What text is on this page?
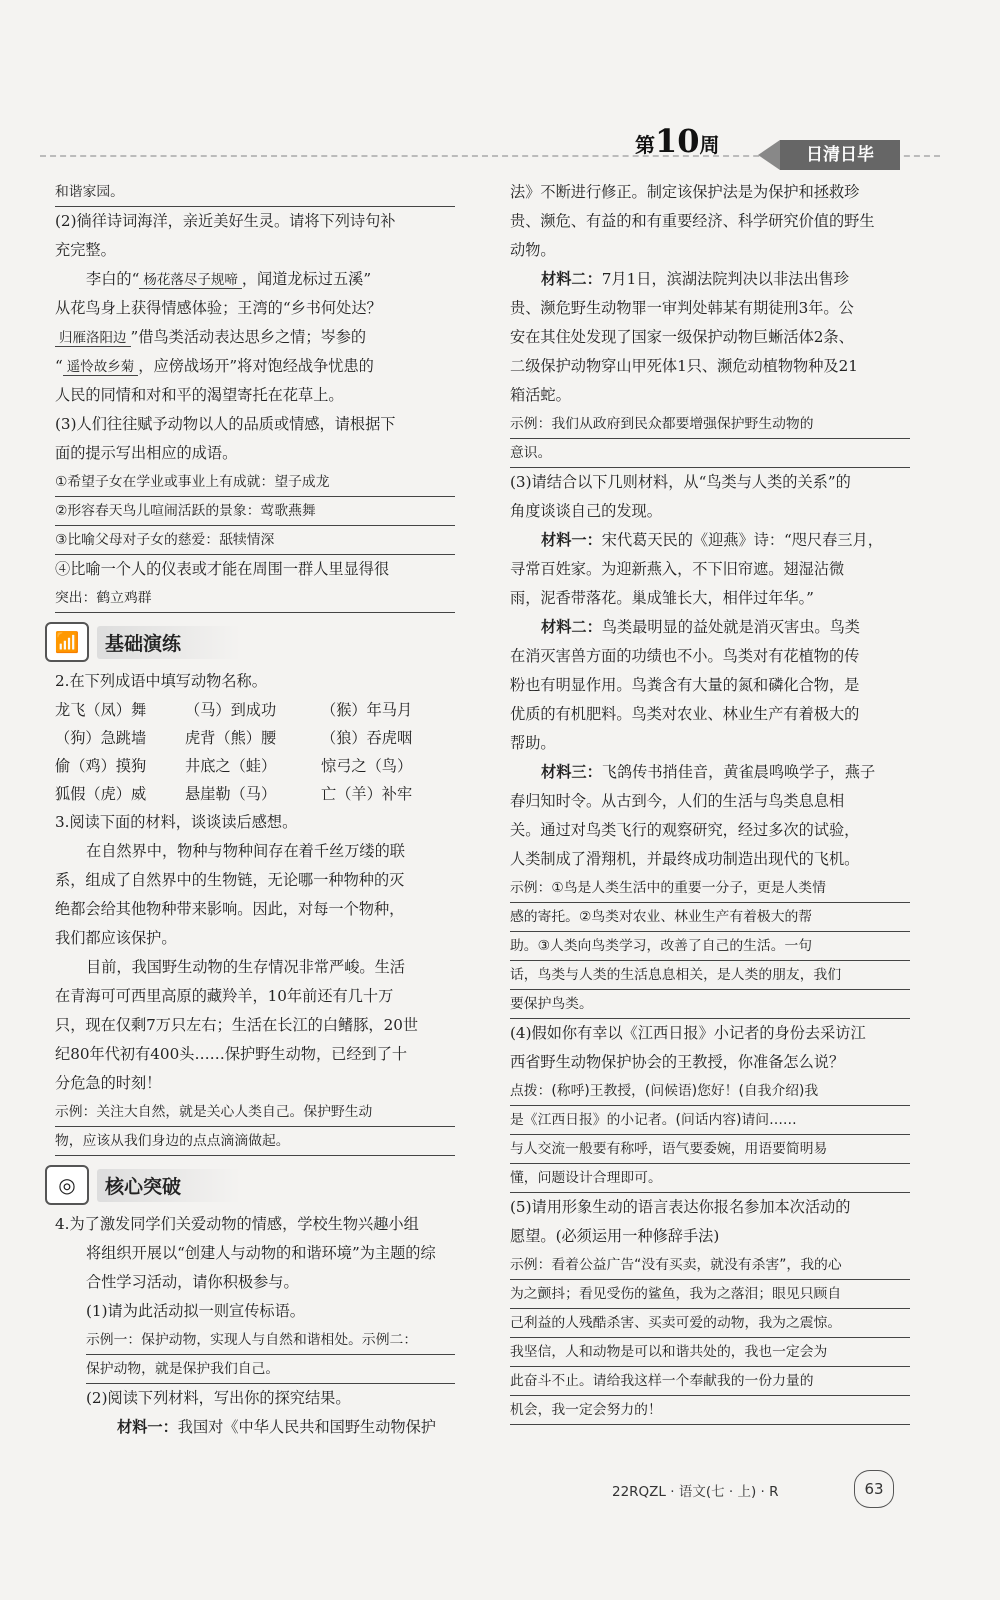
第10周	日清日毕
和谐家园。
(2)徜徉诗词海洋，亲近美好生灵。请将下列诗句补
充完整。
李白的“ 杨花落尽子规啼 ，闻道龙标过五溪”
从花鸟身上获得情感体验；王湾的“乡书何处达？
归雁洛阳边 ”借鸟类活动表达思乡之情；岑参的
“ 遥怜故乡菊 ，应傍战场开”将对饱经战争忧患的
人民的同情和对和平的渴望寄托在花草上。
(3)人们往往赋予动物以人的品质或情感，请根据下
面的提示写出相应的成语。
①希望子女在学业或事业上有成就：望子成龙
②形容春天鸟儿喧闹活跃的景象：莺歌燕舞
③比喻父母对子女的慈爱：舐犊情深
④比喻一个人的仪表或才能在周围一群人里显得很
突出：鹤立鸡群
📶	基础演练
2.在下列成语中填写动物名称。
龙飞（凤）舞	（马）到成功	（猴）年马月
（狗）急跳墙	虎背（熊）腰	（狼）吞虎咽
偷（鸡）摸狗	井底之（蛙）	惊弓之（鸟）
狐假（虎）威	悬崖勒（马）	亡（羊）补牢
3.阅读下面的材料，谈谈读后感想。
在自然界中，物种与物种间存在着千丝万缕的联
系，组成了自然界中的生物链，无论哪一种物种的灭
绝都会给其他物种带来影响。因此，对每一个物种，
我们都应该保护。
目前，我国野生动物的生存情况非常严峻。生活
在青海可可西里高原的藏羚羊，10年前还有几十万
只，现在仅剩7万只左右；生活在长江的白鳍豚，20世
纪80年代初有400头……保护野生动物，已经到了十
分危急的时刻！
示例：关注大自然，就是关心人类自己。保护野生动
物，应该从我们身边的点点滴滴做起。
◎	核心突破
4.为了激发同学们关爱动物的情感，学校生物兴趣小组
将组织开展以“创建人与动物的和谐环境”为主题的综
合性学习活动，请你积极参与。
(1)请为此活动拟一则宣传标语。
示例一：保护动物，实现人与自然和谐相处。示例二：
保护动物，就是保护我们自己。
(2)阅读下列材料，写出你的探究结果。
材料一：我国对《中华人民共和国野生动物保护
法》不断进行修正。制定该保护法是为保护和拯救珍
贵、濒危、有益的和有重要经济、科学研究价值的野生
动物。
材料二：7月1日，滨湖法院判决以非法出售珍
贵、濒危野生动物罪一审判处韩某有期徒刑3年。公
安在其住处发现了国家一级保护动物巨蜥活体2条、
二级保护动物穿山甲死体1只、濒危动植物物种及21
箱活蛇。
示例：我们从政府到民众都要增强保护野生动物的
意识。
(3)请结合以下几则材料，从“鸟类与人类的关系”的
角度谈谈自己的发现。
材料一：宋代葛天民的《迎燕》诗：“咫尺春三月，
寻常百姓家。为迎新燕入，不下旧帘遮。翅湿沾微
雨，泥香带落花。巢成雏长大，相伴过年华。”
材料二：鸟类最明显的益处就是消灭害虫。鸟类
在消灭害兽方面的功绩也不小。鸟类对有花植物的传
粉也有明显作用。鸟粪含有大量的氮和磷化合物，是
优质的有机肥料。鸟类对农业、林业生产有着极大的
帮助。
材料三：飞鸽传书捎佳音，黄雀晨鸣唤学子，燕子
春归知时令。从古到今，人们的生活与鸟类息息相
关。通过对鸟类飞行的观察研究，经过多次的试验，
人类制成了滑翔机，并最终成功制造出现代的飞机。
示例：①鸟是人类生活中的重要一分子，更是人类情
感的寄托。②鸟类对农业、林业生产有着极大的帮
助。③人类向鸟类学习，改善了自己的生活。一句
话，鸟类与人类的生活息息相关，是人类的朋友，我们
要保护鸟类。
(4)假如你有幸以《江西日报》小记者的身份去采访江
西省野生动物保护协会的王教授，你准备怎么说？
点拨：(称呼)王教授，(问候语)您好！(自我介绍)我
是《江西日报》的小记者。(问话内容)请问……
与人交流一般要有称呼，语气要委婉，用语要简明易
懂，问题设计合理即可。
(5)请用形象生动的语言表达你报名参加本次活动的
愿望。(必须运用一种修辞手法)
示例：看着公益广告“没有买卖，就没有杀害”，我的心
为之颤抖；看见受伤的鲨鱼，我为之落泪；眼见只顾自
己利益的人残酷杀害、买卖可爱的动物，我为之震惊。
我坚信，人和动物是可以和谐共处的，我也一定会为
此奋斗不止。请给我这样一个奉献我的一份力量的
机会，我一定会努力的！
22RQZL · 语文(七 · 上) · R	63
